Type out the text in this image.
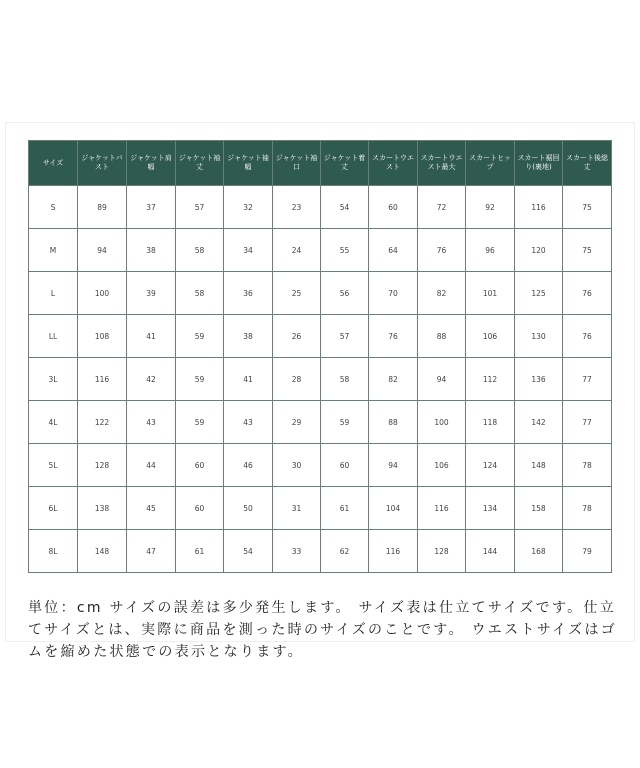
サイズ	ジャケットバスト	ジャケット肩幅	ジャケット袖丈	ジャケット袖幅	ジャケット袖口	ジャケット着丈	スカートウエスト	スカートウエスト最大	スカートヒップ	スカート裾回り(裏地)	スカート後総丈
S	89	37	57	32	23	54	60	72	92	116	75
M	94	38	58	34	24	55	64	76	96	120	75
L	100	39	58	36	25	56	70	82	101	125	76
LL	108	41	59	38	26	57	76	88	106	130	76
3L	116	42	59	41	28	58	82	94	112	136	77
4L	122	43	59	43	29	59	88	100	118	142	77
5L	128	44	60	46	30	60	94	106	124	148	78
6L	138	45	60	50	31	61	104	116	134	158	78
8L	148	47	61	54	33	62	116	128	144	168	79
単位：cm サイズの誤差は多少発生します。 サイズ表は仕立てサイズです。仕立てサイズとは、実際に商品を測った時のサイズのことです。 ウエストサイズはゴムを縮めた状態での表示となります。
